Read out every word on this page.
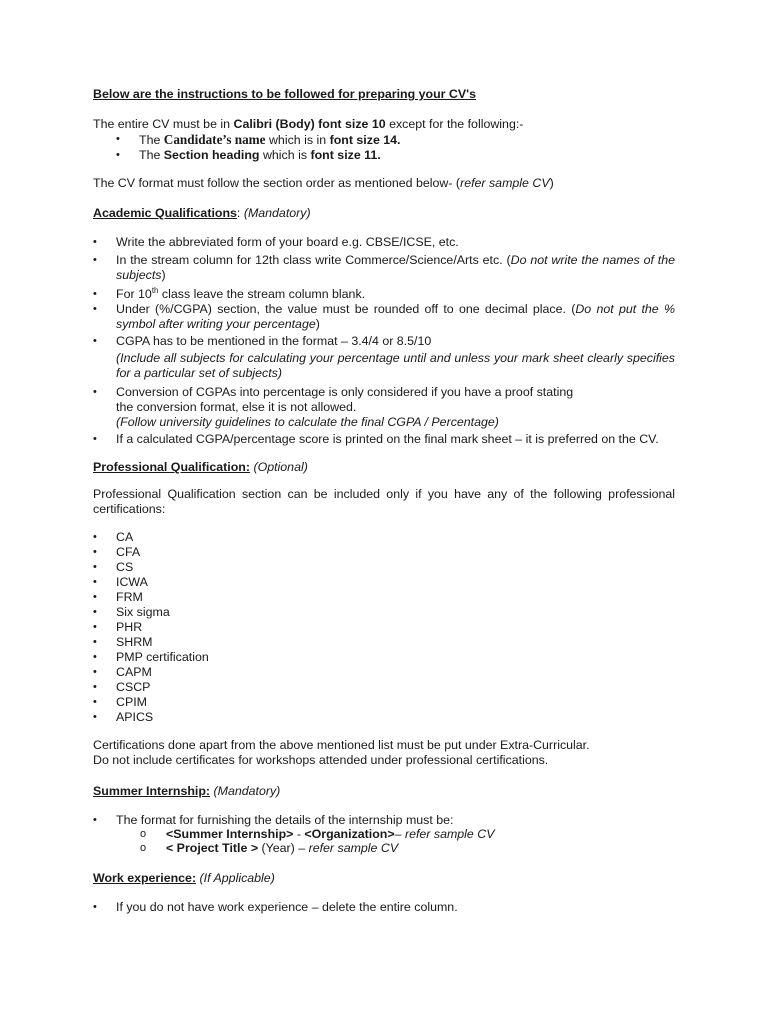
Below are the instructions to be followed for preparing your CV's

The entire CV must be in Calibri (Body) font size 10 except for the following:-

• The Candidate’s name which is in font size 14.
• The Section heading which is font size 11.

The CV format must follow the section order as mentioned below- (refer sample CV)

Academic Qualifications: (Mandatory)

• Write the abbreviated form of your board e.g. CBSE/ICSE, etc.
• In the stream column for 12th class write Commerce/Science/Arts etc. (Do not write the names of the subjects)
• For 10th class leave the stream column blank.
• Under (%/CGPA) section, the value must be rounded off to one decimal place. (Do not put the % symbol after writing your percentage)
• CGPA has to be mentioned in the format – 3.4/4 or 8.5/10

(Include all subjects for calculating your percentage until and unless your mark sheet clearly specifies for a particular set of subjects)
• Conversion of CGPAs into percentage is only considered if you have a proof stating
the conversion format, else it is not allowed.
(Follow university guidelines to calculate the final CGPA / Percentage)
• If a calculated CGPA/percentage score is printed on the final mark sheet – it is preferred on the CV.

Professional Qualification: (Optional)

Professional Qualification section can be included only if you have any of the following professional certifications:

• CA
• CFA
• CS
• ICWA
• FRM
• Six sigma
• PHR
• SHRM
• PMP certification
• CAPM
• CSCP
• CPIM
• APICS

Certifications done apart from the above mentioned list must be put under Extra-Curricular.
Do not include certificates for workshops attended under professional certifications.

Summer Internship: (Mandatory)

• The format for furnishing the details of the internship must be:
o <Summer Internship> - <Organization>– refer sample CV
o < Project Title > (Year) – refer sample CV

Work experience: (If Applicable)

• If you do not have work experience – delete the entire column.
